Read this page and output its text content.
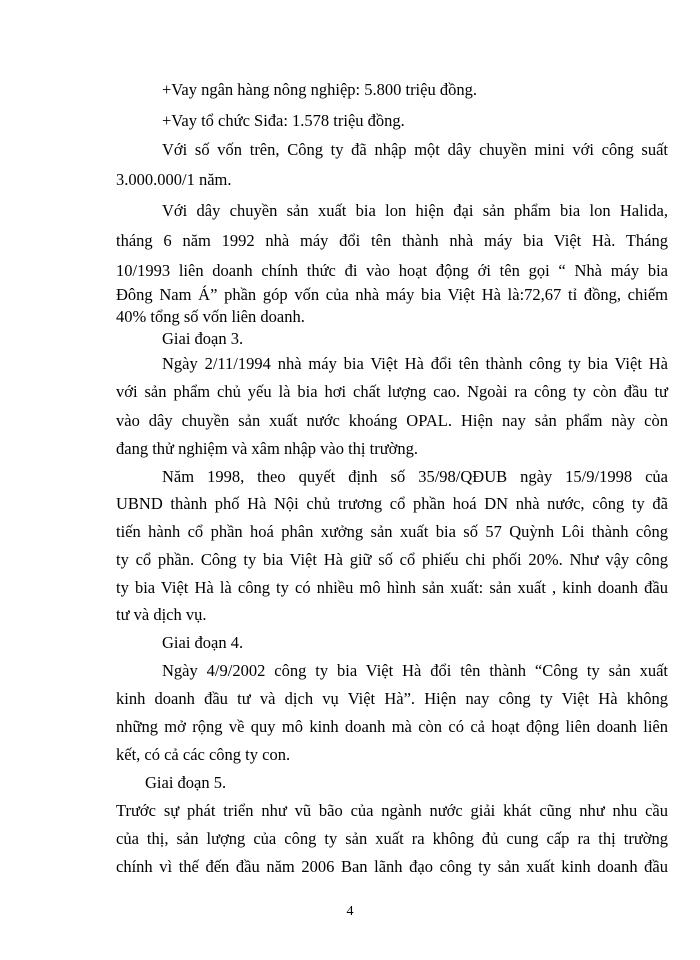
+Vay ngân hàng nông nghiệp: 5.800 triệu đồng.
+Vay tổ chức Siđa: 1.578 triệu đồng.
Với số vốn trên, Công ty đã nhập một dây chuyền mini với công suất
3.000.000/1 năm.
Với dây chuyền sản xuất bia lon hiện đại sản phẩm bia lon Halida,
tháng 6 năm 1992 nhà máy đổi tên thành nhà máy bia Việt Hà. Tháng
10/1993 liên doanh chính thức đi vào hoạt động ới tên gọi “ Nhà máy bia
Đông Nam Á” phần góp vốn của nhà máy bia Việt Hà là:72,67 tỉ đồng, chiếm
40% tổng số vốn liên doanh.
Giai đoạn 3.
Ngày 2/11/1994 nhà máy bia Việt Hà đổi tên thành công ty bia Việt Hà
với sản phẩm chủ yếu là bia hơi chất lượng cao. Ngoài ra công ty còn đầu tư
vào dây chuyền sản xuất nước khoáng OPAL. Hiện nay sản phẩm này còn
đang thử nghiệm và xâm nhập vào thị trường.
Năm 1998, theo quyết định số 35/98/QĐUB ngày 15/9/1998 của
UBND thành phố Hà Nội chủ trương cổ phần hoá DN nhà nước, công ty đã
tiến hành cổ phần hoá phân xưởng sản xuất bia số 57 Quỳnh Lôi thành công
ty cổ phần. Công ty bia Việt Hà giữ số cổ phiếu chi phối 20%. Như vậy công
ty bia Việt Hà là công ty có nhiều mô hình sản xuất: sản xuất , kinh doanh đầu
tư và dịch vụ.
Giai đoạn 4.
Ngày 4/9/2002 công ty bia Việt Hà đổi tên thành “Công ty sản xuất
kinh doanh đầu tư và dịch vụ Việt Hà”. Hiện nay công ty Việt Hà không
những mở rộng về quy mô kinh doanh mà còn có cả hoạt động liên doanh liên
kết, có cả các công ty con.
Giai đoạn 5.
Trước sự phát triển như vũ bão của ngành nước giải khát cũng như nhu cầu
của thị, sản lượng của công ty sản xuất ra không đủ cung cấp ra thị trường
chính vì thế đến đầu năm 2006 Ban lãnh đạo công ty sản xuất kinh doanh đầu
4
